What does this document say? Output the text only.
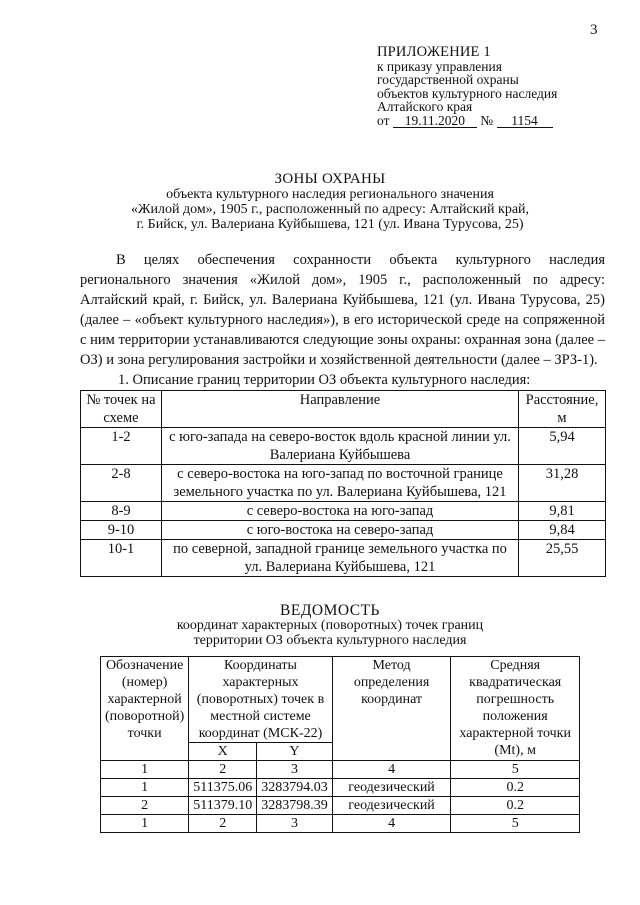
3
ПРИЛОЖЕНИЕ 1
к приказу управления
государственной охраны
объектов культурного наследия
Алтайского края
от 19.11.2020 № 1154
ЗОНЫ ОХРАНЫ
объекта культурного наследия регионального значения
«Жилой дом», 1905 г., расположенный по адресу: Алтайский край,
г. Бийск, ул. Валериана Куйбышева, 121 (ул. Ивана Турусова, 25)

В целях обеспечения сохранности объекта культурного наследия регионального значения «Жилой дом», 1905 г., расположенный по адресу: Алтайский край, г. Бийск, ул. Валериана Куйбышева, 121 (ул. Ивана Турусова, 25) (далее – «объект культурного наследия»), в его исторической среде на сопряженной с ним территории устанавливаются следующие зоны охраны: охранная зона (далее – ОЗ) и зона регулирования застройки и хозяйственной деятельности (далее – ЗРЗ-1).

1. Описание границ территории ОЗ объекта культурного наследия:
№ точек на схеме	Направление	Расстояние, м
1-2	с юго-запада на северо-восток вдоль красной линии ул. Валериана Куйбышева	5,94
2-8	с северо-востока на юго-запад по восточной границе земельного участка по ул. Валериана Куйбышева, 121	31,28
8-9	с северо-востока на юго-запад	9,81
9-10	с юго-востока на северо-запад	9,84
10-1	по северной, западной границе земельного участка по ул. Валериана Куйбышева, 121	25,55
ВЕДОМОСТЬ
координат характерных (поворотных) точек границ
территории ОЗ объекта культурного наследия
Обозначение (номер) характерной (поворотной) точки	Координаты характерных (поворотных) точек в местной системе координат (МСК-22)		Метод определения координат	Средняя квадратическая погрешность положения характерной точки (Mt), м
	X	Y		
1	2	3	4	5
1	511375.06	3283794.03	геодезический	0.2
2	511379.10	3283798.39	геодезический	0.2
1	2	3	4	5
